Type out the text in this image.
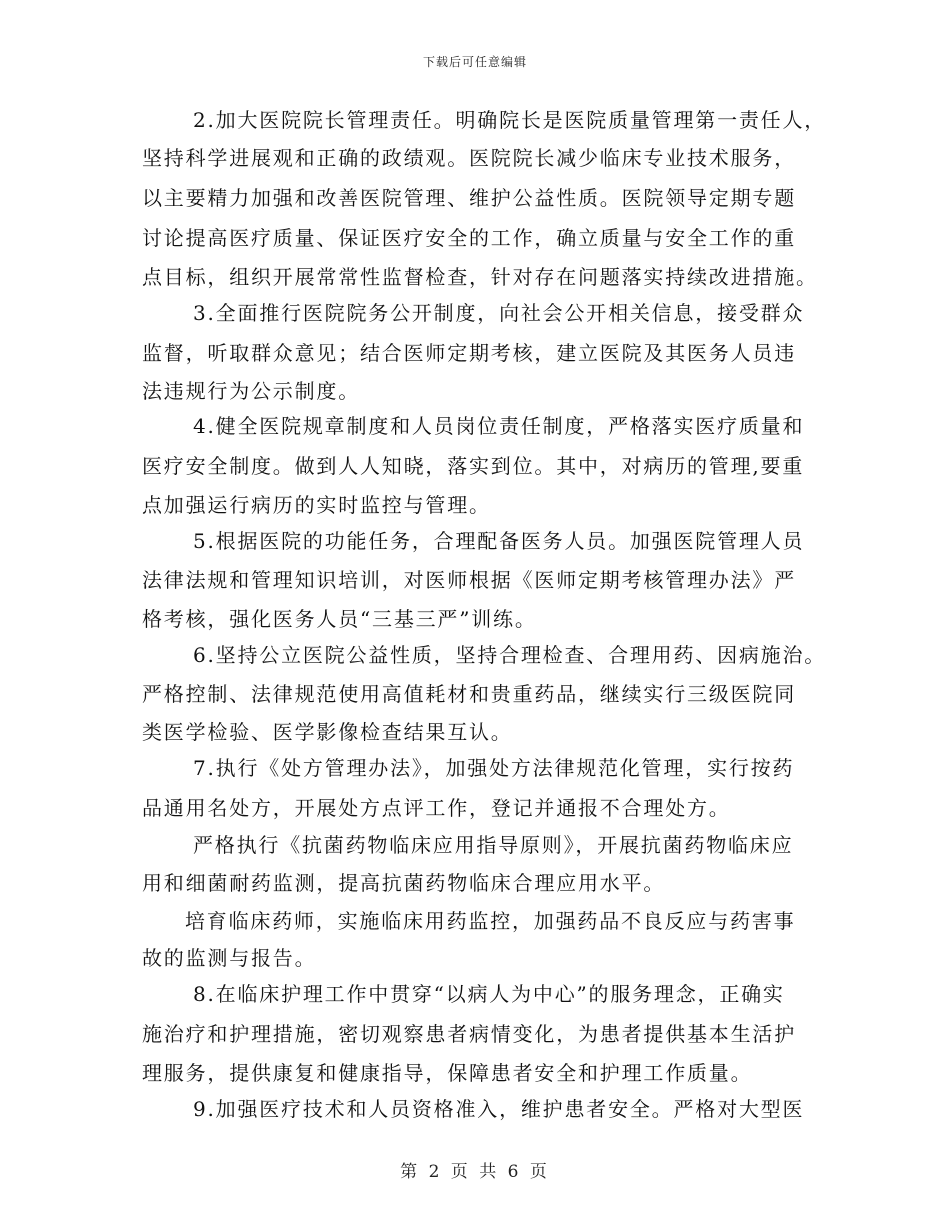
下载后可任意编辑
2.加大医院院长管理责任。明确院长是医院质量管理第一责任人，
坚持科学进展观和正确的政绩观。医院院长减少临床专业技术服务，
以主要精力加强和改善医院管理、维护公益性质。医院领导定期专题
讨论提高医疗质量、保证医疗安全的工作，确立质量与安全工作的重
点目标，组织开展常常性监督检查，针对存在问题落实持续改进措施。
3.全面推行医院院务公开制度，向社会公开相关信息，接受群众
监督，听取群众意见；结合医师定期考核，建立医院及其医务人员违
法违规行为公示制度。
4.健全医院规章制度和人员岗位责任制度，严格落实医疗质量和
医疗安全制度。做到人人知晓，落实到位。其中，对病历的管理,要重
点加强运行病历的实时监控与管理。
5.根据医院的功能任务，合理配备医务人员。加强医院管理人员
法律法规和管理知识培训，对医师根据《医师定期考核管理办法》严
格考核，强化医务人员“三基三严”训练。
6.坚持公立医院公益性质，坚持合理检查、合理用药、因病施治。
严格控制、法律规范使用高值耗材和贵重药品，继续实行三级医院同
类医学检验、医学影像检查结果互认。
7.执行《处方管理办法》，加强处方法律规范化管理，实行按药
品通用名处方，开展处方点评工作，登记并通报不合理处方。
严格执行《抗菌药物临床应用指导原则》，开展抗菌药物临床应
用和细菌耐药监测，提高抗菌药物临床合理应用水平。
培育临床药师，实施临床用药监控，加强药品不良反应与药害事
故的监测与报告。
8.在临床护理工作中贯穿“以病人为中心”的服务理念，正确实
施治疗和护理措施，密切观察患者病情变化，为患者提供基本生活护
理服务，提供康复和健康指导，保障患者安全和护理工作质量。
9.加强医疗技术和人员资格准入，维护患者安全。严格对大型医
第 2 页 共 6 页
